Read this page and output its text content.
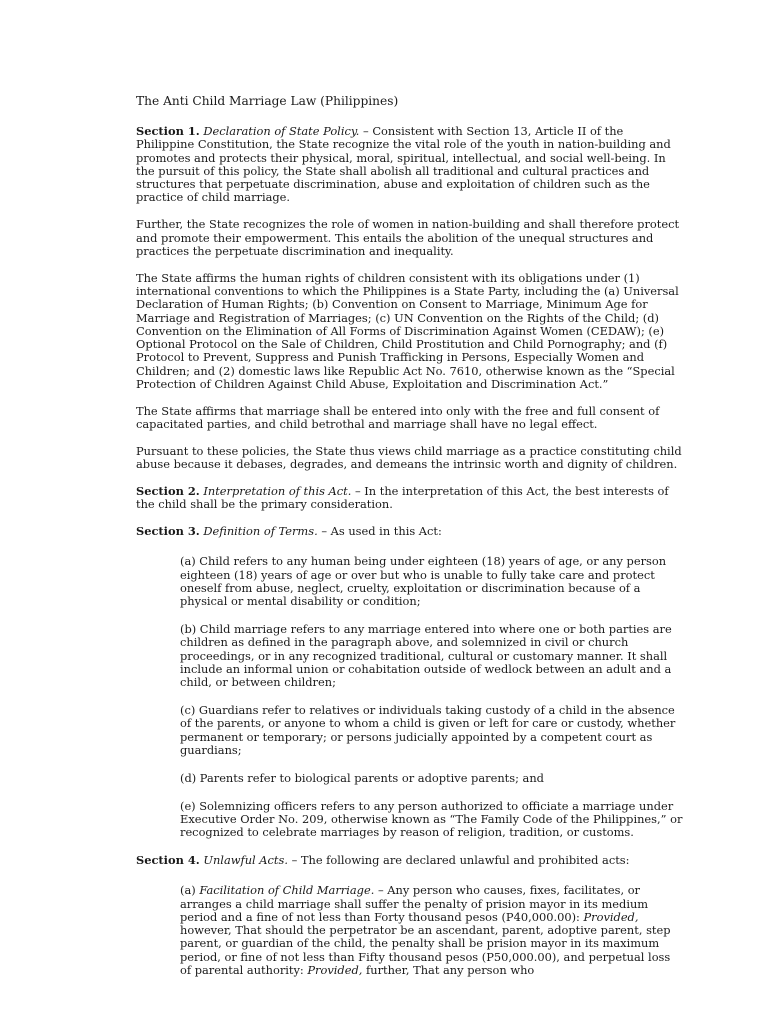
The Anti Child Marriage Law (Philippines)

Section 1. Declaration of State Policy. – Consistent with Section 13, Article II of the Philippine Constitution, the State recognize the vital role of the youth in nation-building and promotes and protects their physical, moral, spiritual, intellectual, and social well-being. In the pursuit of this policy, the State shall abolish all traditional and cultural practices and structures that perpetuate discrimination, abuse and exploitation of children such as the practice of child marriage.

Further, the State recognizes the role of women in nation-building and shall therefore protect and promote their empowerment. This entails the abolition of the unequal structures and practices the perpetuate discrimination and inequality.

The State affirms the human rights of children consistent with its obligations under (1) international conventions to which the Philippines is a State Party, including the (a) Universal Declaration of Human Rights; (b) Convention on Consent to Marriage, Minimum Age for Marriage and Registration of Marriages; (c) UN Convention on the Rights of the Child; (d) Convention on the Elimination of All Forms of Discrimination Against Women (CEDAW); (e) Optional Protocol on the Sale of Children, Child Prostitution and Child Pornography; and (f) Protocol to Prevent, Suppress and Punish Trafficking in Persons, Especially Women and Children; and (2) domestic laws like Republic Act No. 7610, otherwise known as the “Special Protection of Children Against Child Abuse, Exploitation and Discrimination Act.”

The State affirms that marriage shall be entered into only with the free and full consent of capacitated parties, and child betrothal and marriage shall have no legal effect.

Pursuant to these policies, the State thus views child marriage as a practice constituting child abuse because it debases, degrades, and demeans the intrinsic worth and dignity of children.

Section 2. Interpretation of this Act. – In the interpretation of this Act, the best interests of the child shall be the primary consideration.

Section 3. Definition of Terms. – As used in this Act:

(a) Child refers to any human being under eighteen (18) years of age, or any person eighteen (18) years of age or over but who is unable to fully take care and protect oneself from abuse, neglect, cruelty, exploitation or discrimination because of a physical or mental disability or condition;

(b) Child marriage refers to any marriage entered into where one or both parties are children as defined in the paragraph above, and solemnized in civil or church proceedings, or in any recognized traditional, cultural or customary manner. It shall include an informal union or cohabitation outside of wedlock between an adult and a child, or between children;

(c) Guardians refer to relatives or individuals taking custody of a child in the absence of the parents, or anyone to whom a child is given or left for care or custody, whether permanent or temporary; or persons judicially appointed by a competent court as guardians;

(d) Parents refer to biological parents or adoptive parents; and

(e) Solemnizing officers refers to any person authorized to officiate a marriage under Executive Order No. 209, otherwise known as “The Family Code of the Philippines,” or recognized to celebrate marriages by reason of religion, tradition, or customs.

Section 4. Unlawful Acts. – The following are declared unlawful and prohibited acts:

(a) Facilitation of Child Marriage. – Any person who causes, fixes, facilitates, or arranges a child marriage shall suffer the penalty of prision mayor in its medium period and a fine of not less than Forty thousand pesos (P40,000.00): Provided, however, That should the perpetrator be an ascendant, parent, adoptive parent, step parent, or guardian of the child, the penalty shall be prision mayor in its maximum period, or fine of not less than Fifty thousand pesos (P50,000.00), and perpetual loss of parental authority: Provided, further, That any person who
